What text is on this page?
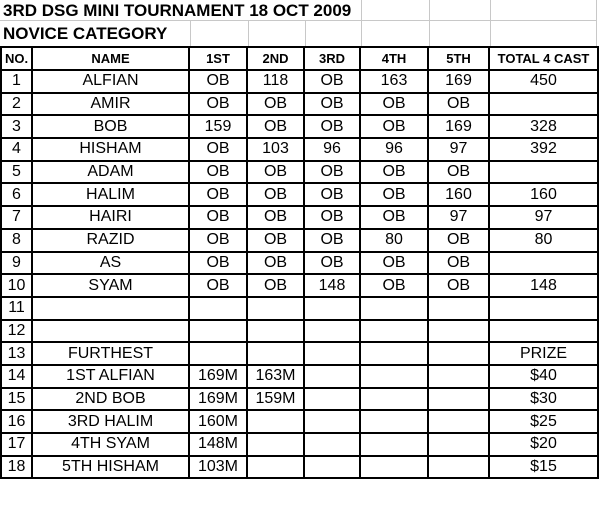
3RD DSG MINI TOURNAMENT 18 OCT 2009
NOVICE CATEGORY
NO.	NAME	1ST	2ND	3RD	4TH	5TH	TOTAL 4 CAST
1	ALFIAN	OB	118	OB	163	169	450
2	AMIR	OB	OB	OB	OB	OB	
3	BOB	159	OB	OB	OB	169	328
4	HISHAM	OB	103	96	96	97	392
5	ADAM	OB	OB	OB	OB	OB	
6	HALIM	OB	OB	OB	OB	160	160
7	HAIRI	OB	OB	OB	OB	97	97
8	RAZID	OB	OB	OB	80	OB	80
9	AS	OB	OB	OB	OB	OB	
10	SYAM	OB	OB	148	OB	OB	148
11							
12							
13	FURTHEST						PRIZE
14	1ST ALFIAN	169M	163M				$40
15	2ND BOB	169M	159M				$30
16	3RD HALIM	160M					$25
17	4TH SYAM	148M					$20
18	5TH HISHAM	103M					$15
